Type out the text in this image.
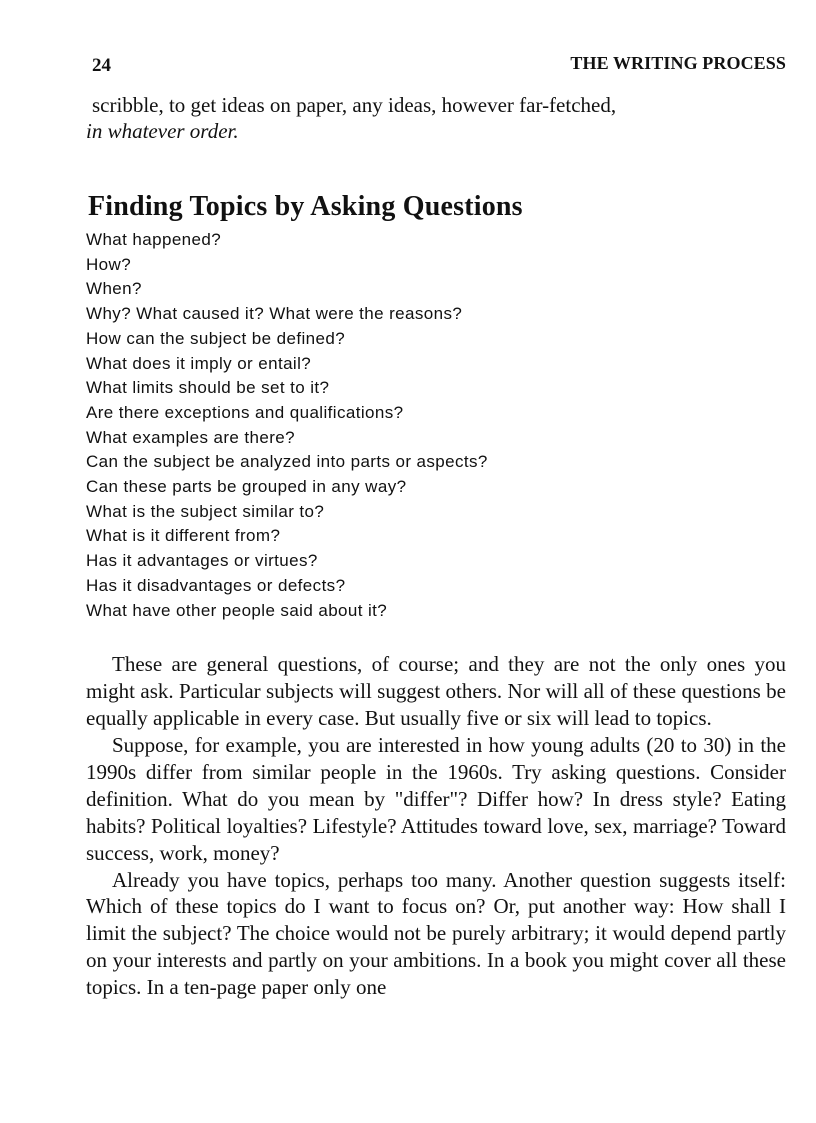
24	THE WRITING PROCESS
scribble, to get ideas on paper, any ideas, however far-fetched,
in whatever order.
Finding Topics by Asking Questions
What happened?
How?
When?
Why? What caused it? What were the reasons?
How can the subject be defined?
What does it imply or entail?
What limits should be set to it?
Are there exceptions and qualifications?
What examples are there?
Can the subject be analyzed into parts or aspects?
Can these parts be grouped in any way?
What is the subject similar to?
What is it different from?
Has it advantages or virtues?
Has it disadvantages or defects?
What have other people said about it?

These are general questions, of course; and they are not the only ones you might ask. Particular subjects will suggest others. Nor will all of these questions be equally applicable in every case. But usually five or six will lead to topics.

Suppose, for example, you are interested in how young adults (20 to 30) in the 1990s differ from similar people in the 1960s. Try asking questions. Consider definition. What do you mean by "differ"? Differ how? In dress style? Eating habits? Political loyalties? Lifestyle? Attitudes toward love, sex, marriage? Toward success, work, money?

Already you have topics, perhaps too many. Another question suggests itself: Which of these topics do I want to focus on? Or, put another way: How shall I limit the subject? The choice would not be purely arbitrary; it would depend partly on your interests and partly on your ambitions. In a book you might cover all these topics. In a ten-page paper only one
